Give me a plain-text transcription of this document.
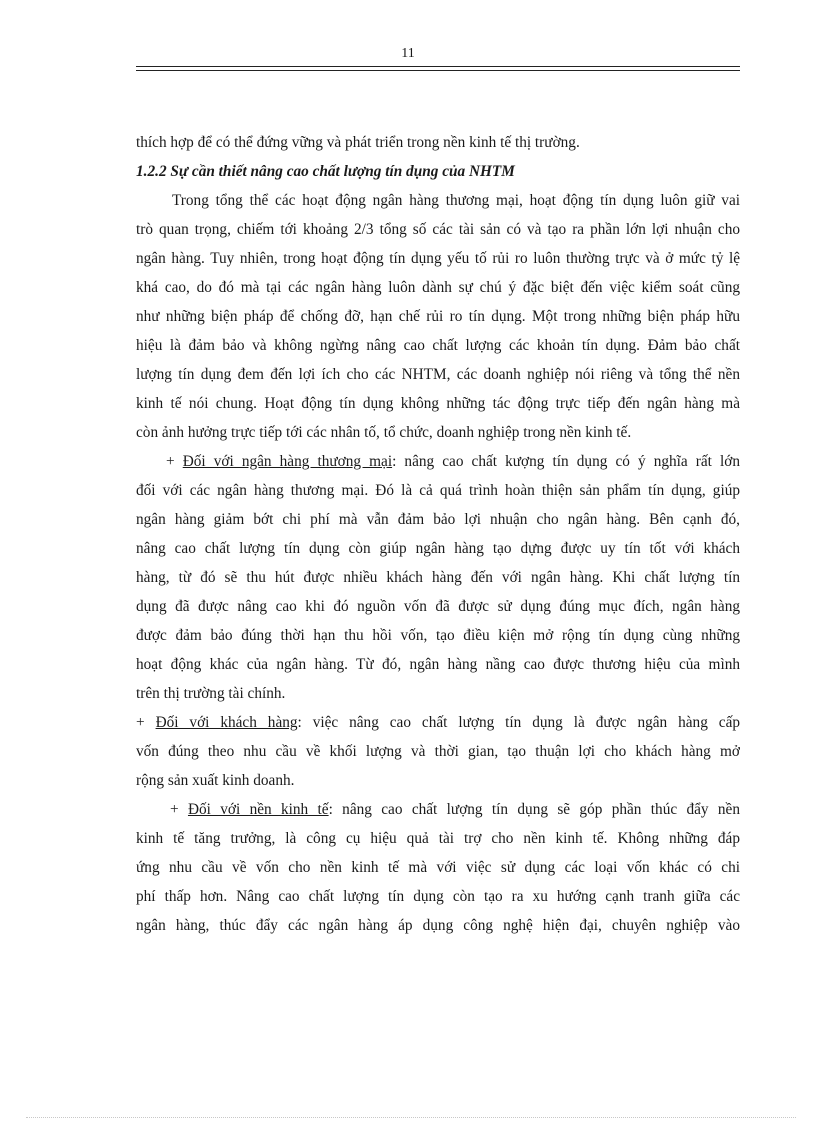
11
thích hợp để có thể đứng vững và phát triển trong nền kinh tế thị trường.
1.2.2 Sự cần thiết nâng cao chất lượng tín dụng của NHTM
Trong tổng thể các hoạt động ngân hàng thương mại, hoạt động tín dụng luôn giữ vai
trò quan trọng, chiếm tới khoảng 2/3 tổng số các tài sản có và tạo ra phần lớn lợi nhuận cho
ngân hàng. Tuy nhiên, trong hoạt động tín dụng yếu tố rủi ro luôn thường trực và ở mức tỷ lệ
khá cao, do đó mà tại các ngân hàng luôn dành sự chú ý đặc biệt đến việc kiểm soát cũng
như những biện pháp để chống đỡ, hạn chế rủi ro tín dụng. Một trong những biện pháp hữu
hiệu là đảm bảo và không ngừng nâng cao chất lượng các khoản tín dụng. Đảm bảo chất
lượng tín dụng đem đến lợi ích cho các NHTM, các doanh nghiệp nói riêng và tổng thể nền
kinh tế nói chung. Hoạt động tín dụng không những tác động trực tiếp đến ngân hàng mà
còn ảnh hưởng trực tiếp tới các nhân tố, tổ chức, doanh nghiệp trong nền kinh tế.
+ Đối với ngân hàng thương mại: nâng cao chất kượng tín dụng có ý nghĩa rất lớn
đối với các ngân hàng thương mại. Đó là cả quá trình hoàn thiện sản phẩm tín dụng, giúp
ngân hàng giảm bớt chi phí mà vẫn đảm bảo lợi nhuận cho ngân hàng. Bên cạnh đó,
nâng cao chất lượng tín dụng còn giúp ngân hàng tạo dựng được uy tín tốt với khách
hàng, từ đó sẽ thu hút được nhiều khách hàng đến với ngân hàng. Khi chất lượng tín
dụng đã được nâng cao khi đó nguồn vốn đã được sử dụng đúng mục đích, ngân hàng
được đảm bảo đúng thời hạn thu hồi vốn, tạo điều kiện mở rộng tín dụng cùng những
hoạt động khác của ngân hàng. Từ đó, ngân hàng nầng cao được thương hiệu của mình
trên thị trường tài chính.
+ Đối với khách hàng: việc nâng cao chất lượng tín dụng là được ngân hàng cấp
vốn đúng theo nhu cầu về khối lượng và thời gian, tạo thuận lợi cho khách hàng mở
rộng sản xuất kinh doanh.
+ Đối với nền kinh tế: nâng cao chất lượng tín dụng sẽ góp phần thúc đẩy nền
kinh tế tăng trưởng, là công cụ hiệu quả tài trợ cho nền kinh tế. Không những đáp
ứng nhu cầu về vốn cho nền kinh tế mà với việc sử dụng các loại vốn khác có chi
phí thấp hơn. Nâng cao chất lượng tín dụng còn tạo ra xu hướng cạnh tranh giữa các
ngân hàng, thúc đẩy các ngân hàng áp dụng công nghệ hiện đại, chuyên nghiệp vào
